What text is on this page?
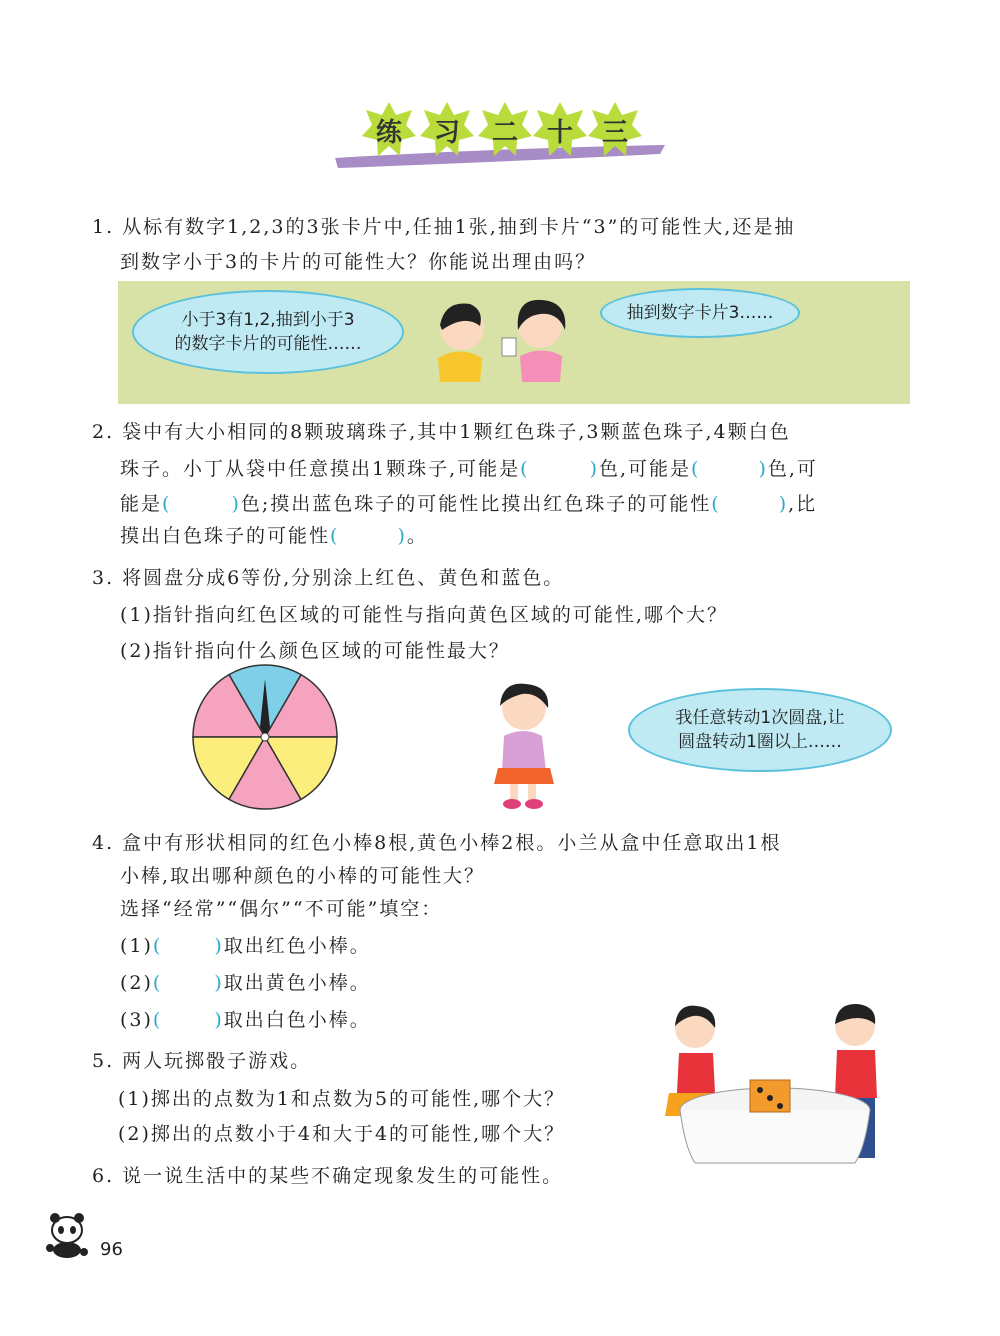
练	习	二	十	三
1. 从标有数字1,2,3的3张卡片中,任抽1张,抽到卡片“3”的可能性大,还是抽
到数字小于3的卡片的可能性大？你能说出理由吗？
小于3有1,2,抽到小于3
的数字卡片的可能性……
抽到数字卡片3……
2. 袋中有大小相同的8颗玻璃珠子,其中1颗红色珠子,3颗蓝色珠子,4颗白色
珠子。小丁从袋中任意摸出1颗珠子,可能是(	)色,可能是(	)色,可
能是(	)色;摸出蓝色珠子的可能性比摸出红色珠子的可能性(	),比
摸出白色珠子的可能性(	)。
3. 将圆盘分成6等份,分别涂上红色、黄色和蓝色。
(1)指针指向红色区域的可能性与指向黄色区域的可能性,哪个大？
(2)指针指向什么颜色区域的可能性最大？
我任意转动1次圆盘,让
圆盘转动1圈以上……
4. 盒中有形状相同的红色小棒8根,黄色小棒2根。小兰从盒中任意取出1根
小棒,取出哪种颜色的小棒的可能性大？
选择“经常”“偶尔”“不可能”填空：
(1)(	)取出红色小棒。
(2)(	)取出黄色小棒。
(3)(	)取出白色小棒。
5. 两人玩掷骰子游戏。
(1)掷出的点数为1和点数为5的可能性,哪个大？
(2)掷出的点数小于4和大于4的可能性,哪个大？
6. 说一说生活中的某些不确定现象发生的可能性。
96
